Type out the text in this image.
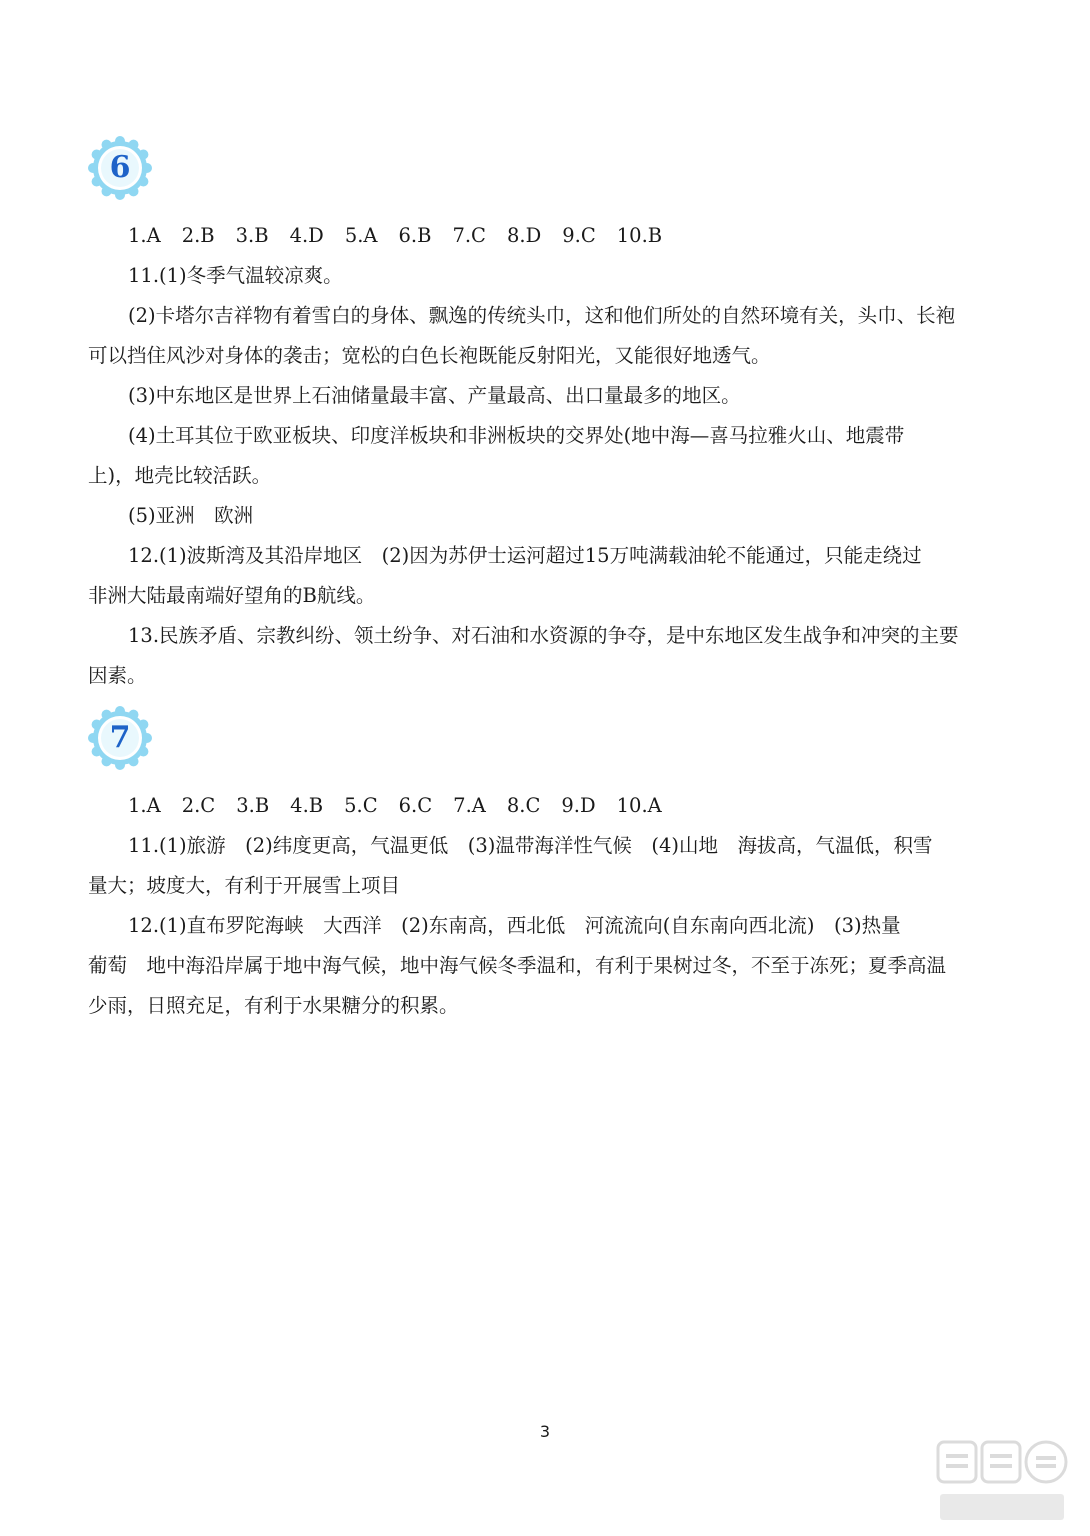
6
1.A 2.B 3.B 4.D 5.A 6.B 7.C 8.D 9.C 10.B
11.(1)冬季气温较凉爽。
(2)卡塔尔吉祥物有着雪白的身体、飘逸的传统头巾，这和他们所处的自然环境有关，头巾、长袍
可以挡住风沙对身体的袭击；宽松的白色长袍既能反射阳光，又能很好地透气。
(3)中东地区是世界上石油储量最丰富、产量最高、出口量最多的地区。
(4)土耳其位于欧亚板块、印度洋板块和非洲板块的交界处(地中海—喜马拉雅火山、地震带
上)，地壳比较活跃。
(5)亚洲　欧洲
12.(1)波斯湾及其沿岸地区　(2)因为苏伊士运河超过15万吨满载油轮不能通过，只能走绕过
非洲大陆最南端好望角的B航线。
13.民族矛盾、宗教纠纷、领土纷争、对石油和水资源的争夺，是中东地区发生战争和冲突的主要
因素。
7
1.A 2.C 3.B 4.B 5.C 6.C 7.A 8.C 9.D 10.A
11.(1)旅游　(2)纬度更高，气温更低　(3)温带海洋性气候　(4)山地　海拔高，气温低，积雪
量大；坡度大，有利于开展雪上项目
12.(1)直布罗陀海峡　大西洋　(2)东南高，西北低　河流流向(自东南向西北流)　(3)热量
葡萄　地中海沿岸属于地中海气候，地中海气候冬季温和，有利于果树过冬，不至于冻死；夏季高温
少雨，日照充足，有利于水果糖分的积累。
3
